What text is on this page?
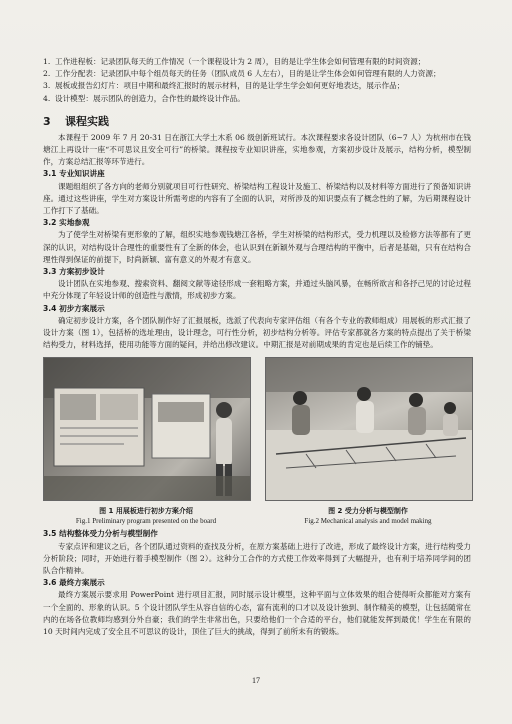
1. 工作进程板：记录团队每天的工作情况（一个课程设计为 2 周），目的是让学生体会如何管理有限的时间资源；

2. 工作分配表：记录团队中每个组员每天的任务（团队成员 6 人左右），目的是让学生体会如何管理有限的人力资源；

3. 展板或报告幻灯片：项目中期和最终汇报时的展示材料，目的是让学生学会如何更好地表达，展示作品；

4. 设计模型：展示团队的创造力，合作性的最终设计作品。

3 课程实践

本课程于 2009 年 7 月 20-31 日在浙江大学土木系 06 级创新班试行。本次课程要求各设计团队（6~7 人）为杭州市在钱塘江上再设计一座“不可思议且安全可行”的桥梁。课程按专业知识讲座，实地参观，方案初步设计及展示，结构分析，模型制作，方案总结汇报等环节进行。

3.1 专业知识讲座

课题组组织了各方向的老师分别就项目可行性研究、桥梁结构工程设计及施工、桥梁结构以及材料等方面进行了预备知识讲座。通过这些讲座，学生对方案设计所需考虑的内容有了全面的认识，对所涉及的知识要点有了概念性的了解，为后期课程设计工作打下了基础。

3.2 实地参观

为了使学生对桥梁有更形象的了解，组织实地参观钱塘江各桥，学生对桥梁的结构形式，受力机理以及检修方法等都有了更深的认识，对结构设计合理性的重要性有了全新的体会，也认识到在新颖外观与合理结构的平衡中，后者是基础，只有在结构合理性得到保证的前提下，时尚新颖、富有意义的外观才有意义。

3.3 方案初步设计

设计团队在实地参观、搜索资料、翻阅文献等途径形成一套粗略方案，并通过头脑风暴，在畅所欲言和各抒己见的讨论过程中充分体现了年轻设计师的创造性与激情，形成初步方案。

3.4 初步方案展示

确定初步设计方案，各个团队制作好了汇报展板，选派了代表向专家评估组（有各个专业的教师组成）用展板的形式汇报了设计方案（图 1），包括桥的选址理由，设计理念，可行性分析，初步结构分析等。评估专家都就各方案的特点提出了关于桥梁结构受力，材料选择，使用功能等方面的疑问，并给出修改建议。中期汇报是对前期成果的肯定也是后续工作的铺垫。

图 1 用展板进行初步方案介绍
Fig.1 Preliminary program presented on the board
图 2 受力分析与模型制作
Fig.2 Mechanical analysis and model making
3.5 结构整体受力分析与模型制作

专家点评和建议之后，各个团队通过资料的查找及分析，在原方案基础上进行了改进，形成了最终设计方案，进行结构受力分析阶段；同时，开始进行着手模型制作（图 2）。这种分工合作的方式使工作效率得到了大幅提升，也有利于培养同学间的团队合作精神。

3.6 最终方案展示

最终方案展示要求用 PowerPoint 进行项目汇报，同时展示设计模型，这种平面与立体效果的组合使得听众都能对方案有一个全面的、形象的认识。5 个设计团队学生从容自信的心态，富有流利的口才以及设计独到、制作精美的模型，让包括随常在内的在场各位教师均感到分外自豪；我们的学生非常出色，只要给他们一个合适的平台，他们就能发挥到最优！学生在有限的 10 天时间内完成了安全且不可思议的设计，顶住了巨大的挑战，得到了前所未有的锻炼。

17
